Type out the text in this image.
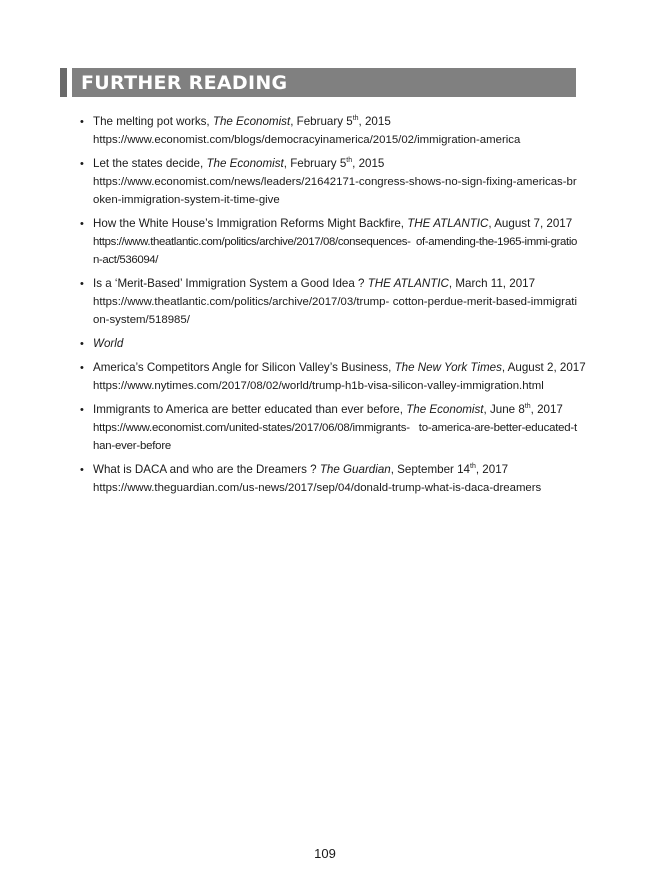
FURTHER READING
• The melting pot works, The Economist, February 5th, 2015
https://www.economist.com/blogs/democracyinamerica/2015/02/immigration-america
• Let the states decide, The Economist, February 5th, 2015
https://www.economist.com/news/leaders/21642171-congress-shows-no-sign-fixing-americas-broken-immigration-system-it-time-give
• How the White House’s Immigration Reforms Might Backfire, THE ATLANTIC, August 7, 2017
https://www.theatlantic.com/politics/archive/2017/08/consequences- of-amending-the-1965-immi-gration-act/536094/
• Is a ‘Merit-Based’ Immigration System a Good Idea ? THE ATLANTIC, March 11, 2017
https://www.theatlantic.com/politics/archive/2017/03/trump- cotton-perdue-merit-based-immigration-system/518985/
• World
• America’s Competitors Angle for Silicon Valley’s Business, The New York Times, August 2, 2017
https://www.nytimes.com/2017/08/02/world/trump-h1b-visa-silicon-valley-immigration.html
• Immigrants to America are better educated than ever before, The Economist, June 8th, 2017
https://www.economist.com/united-states/2017/06/08/immigrants- to-america-are-better-educated-than-ever-before
• What is DACA and who are the Dreamers ? The Guardian, September 14th, 2017
https://www.theguardian.com/us-news/2017/sep/04/donald-trump-what-is-daca-dreamers
109
